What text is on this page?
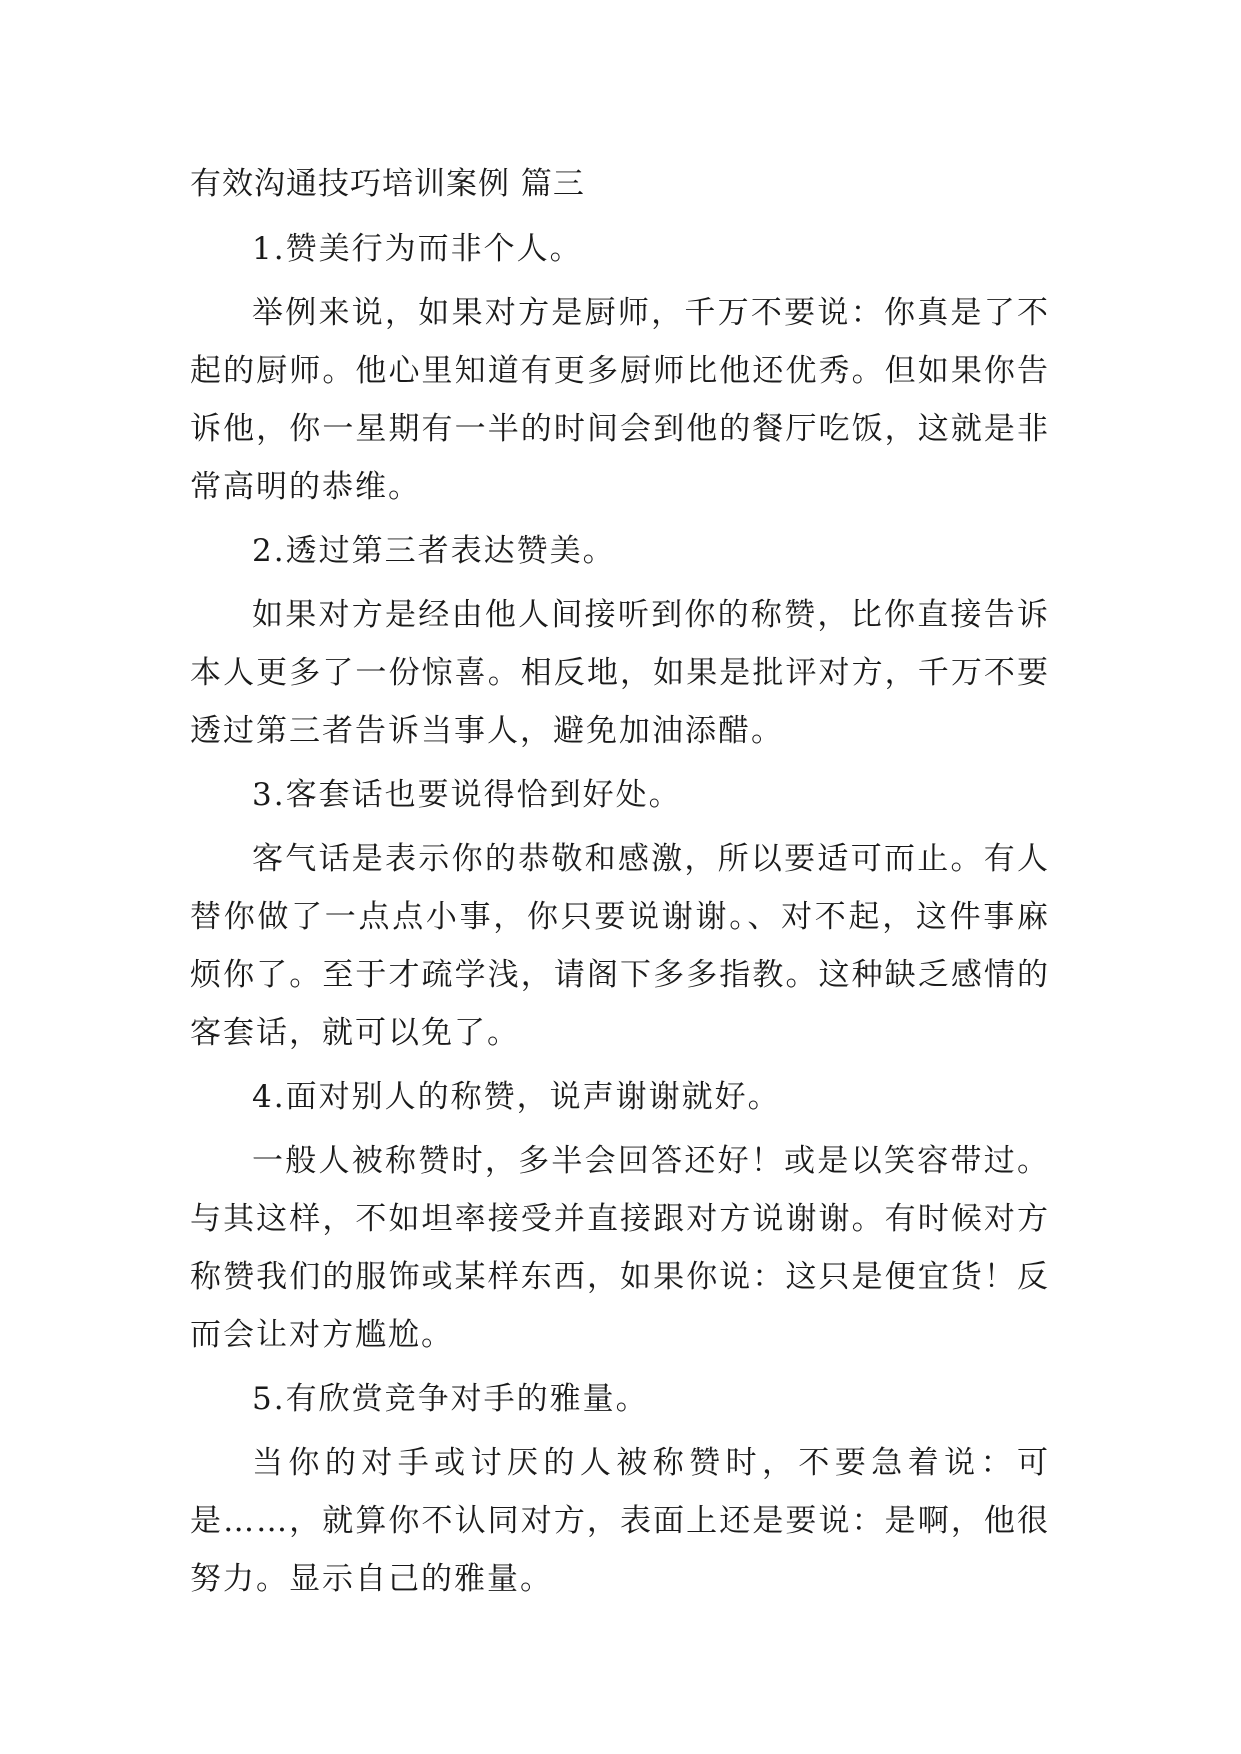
有效沟通技巧培训案例 篇三

1.赞美行为而非个人。

举例来说，如果对方是厨师，千万不要说：你真是了不起的厨师。他心里知道有更多厨师比他还优秀。但如果你告诉他，你一星期有一半的时间会到他的餐厅吃饭，这就是非常高明的恭维。

2.透过第三者表达赞美。

如果对方是经由他人间接听到你的称赞，比你直接告诉本人更多了一份惊喜。相反地，如果是批评对方，千万不要透过第三者告诉当事人，避免加油添醋。

3.客套话也要说得恰到好处。

客气话是表示你的恭敬和感激，所以要适可而止。有人替你做了一点点小事，你只要说谢谢。、对不起，这件事麻烦你了。至于才疏学浅，请阁下多多指教。这种缺乏感情的客套话，就可以免了。

4.面对别人的称赞，说声谢谢就好。

一般人被称赞时，多半会回答还好！或是以笑容带过。与其这样，不如坦率接受并直接跟对方说谢谢。有时候对方称赞我们的服饰或某样东西，如果你说：这只是便宜货！反而会让对方尴尬。

5.有欣赏竞争对手的雅量。

当你的对手或讨厌的人被称赞时，不要急着说：可是……，就算你不认同对方，表面上还是要说：是啊，他很努力。显示自己的雅量。
